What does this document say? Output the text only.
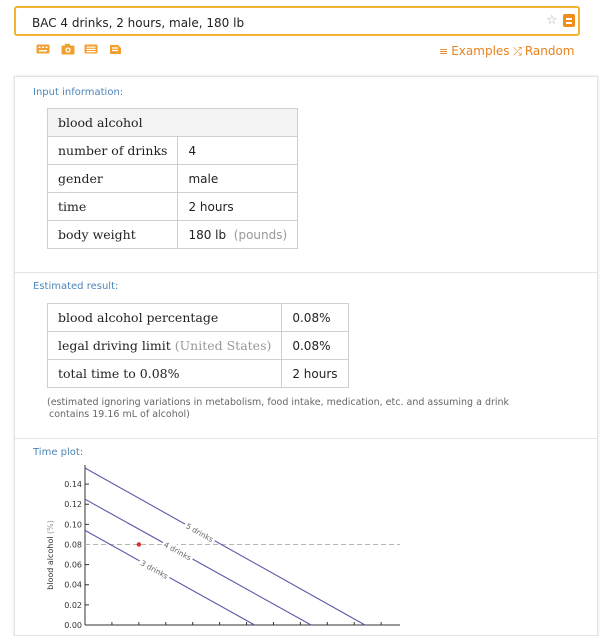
BAC 4 drinks, 2 hours, male, 180 lb
☆
≡ Examples ⤮ Random
Input information:
blood alcohol	
number of drinks	4
gender	male
time	2 hours
body weight	180 lb (pounds)
Estimated result:
blood alcohol percentage	0.08%
legal driving limit (United States)	0.08%
total time to 0.08%	2 hours
(estimated ignoring variations in metabolism, food intake, medication, etc. and assuming a drink
contains 19.16 mL of alcohol)
Time plot:
0.00
0.02
0.04
0.06
0.08
0.10
0.12
0.14
blood alcohol (%)	5 drinks
4 drinks
3 drinks
